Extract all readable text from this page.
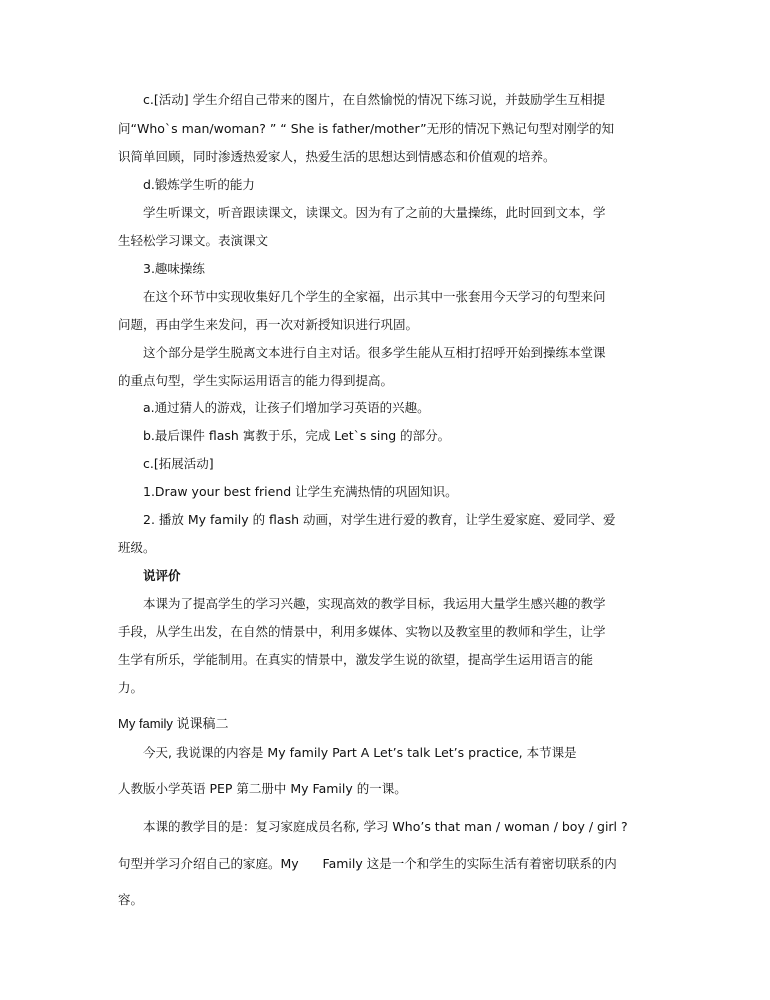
c.[活动] 学生介绍自己带来的图片，在自然愉悦的情况下练习说，并鼓励学生互相提
问“Who`s man/woman? ” “ She is father/mother”无形的情况下熟记句型对刚学的知
识简单回顾，同时渗透热爱家人，热爱生活的思想达到情感态和价值观的培养。
d.锻炼学生听的能力
学生听课文，听音跟读课文，读课文。因为有了之前的大量操练，此时回到文本，学
生轻松学习课文。表演课文
3.趣味操练
在这个环节中实现收集好几个学生的全家福，出示其中一张套用今天学习的句型来问
问题，再由学生来发问，再一次对新授知识进行巩固。
这个部分是学生脱离文本进行自主对话。很多学生能从互相打招呼开始到操练本堂课
的重点句型，学生实际运用语言的能力得到提高。
a.通过猜人的游戏，让孩子们增加学习英语的兴趣。
b.最后课件 flash 寓教于乐，完成 Let`s sing 的部分。
c.[拓展活动]
1.Draw your best friend 让学生充满热情的巩固知识。
2. 播放 My family 的 flash 动画，对学生进行爱的教育，让学生爱家庭、爱同学、爱
班级。
说评价
本课为了提高学生的学习兴趣，实现高效的教学目标，我运用大量学生感兴趣的教学
手段，从学生出发，在自然的情景中，利用多媒体、实物以及教室里的教师和学生，让学
生学有所乐，学能制用。在真实的情景中，激发学生说的欲望，提高学生运用语言的能
力。
My family 说课稿二
今天, 我说课的内容是 My family Part A Let’s talk Let’s practice, 本节课是
人教版小学英语 PEP 第二册中 My Family 的一课。
本课的教学目的是：复习家庭成员名称, 学习 Who’s that man / woman / boy / girl ?
句型并学习介绍自己的家庭。My      Family 这是一个和学生的实际生活有着密切联系的内
容。
